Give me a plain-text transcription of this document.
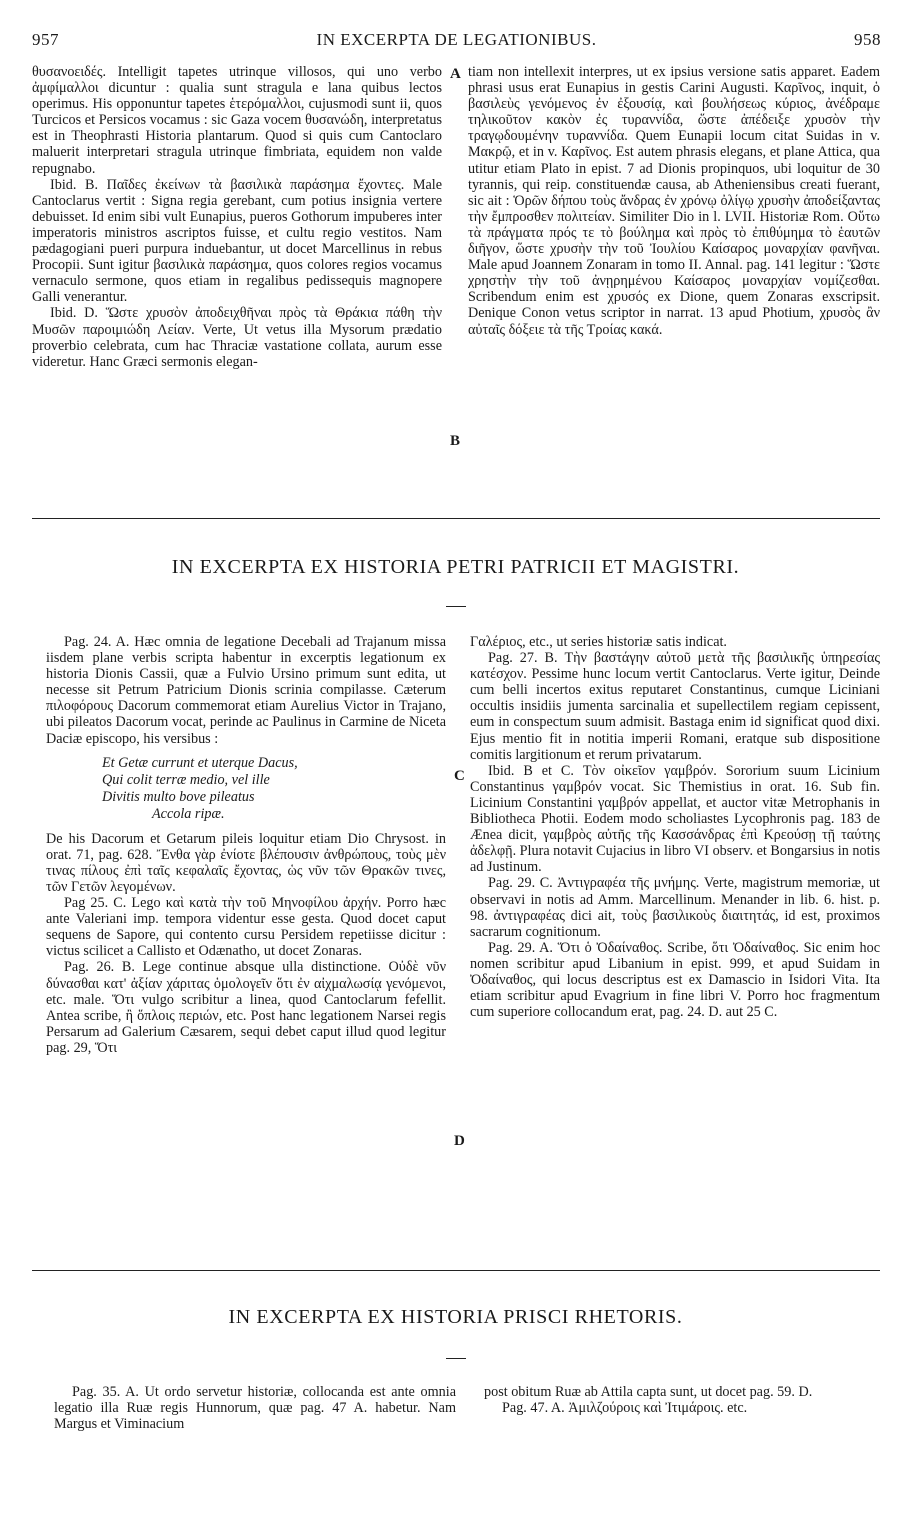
957	IN EXCERPTA DE LEGATIONIBUS.	958

θυσανοειδές. Intelligit tapetes utrinque villosos, qui uno verbo ἀμφίμαλλοι dicuntur : qualia sunt stragula e lana quibus lectos operimus. His opponuntur tapetes ἑτερόμαλλοι, cujusmodi sunt ii, quos Turcicos et Persicos vocamus : sic Gaza vocem θυσανώδη, interpretatus est in Theophrasti Historia plantarum. Quod si quis cum Cantoclaro maluerit interpretari stragula utrinque fimbriata, equidem non valde repugnabo.

Ibid. B. Παῖδες ἐκείνων τὰ βασιλικὰ παράσημα ἔχοντες. Male Cantoclarus vertit : Signa regia gerebant, cum potius insignia vertere debuisset. Id enim sibi vult Eunapius, pueros Gothorum impuberes inter imperatoris ministros ascriptos fuisse, et cultu regio vestitos. Nam pædagogiani pueri purpura induebantur, ut docet Marcellinus in rebus Procopii. Sunt igitur βασιλικὰ παράσημα, quos colores regios vocamus vernaculo sermone, quos etiam in regalibus pedissequis magnopere Galli venerantur.

Ibid. D. Ὥστε χρυσὸν ἀποδειχθῆναι πρὸς τὰ Θράκια πάθη τὴν Μυσῶν παροιμιώδη Λείαν. Verte, Ut vetus illa Mysorum prædatio proverbio celebrata, cum hac Thraciæ vastatione collata, aurum esse videretur. Hanc Græci sermonis elegan-

A
B

tiam non intellexit interpres, ut ex ipsius versione satis apparet. Eadem phrasi usus erat Eunapius in gestis Carini Augusti. Καρῖνος, inquit, ὁ βασιλεὺς γενόμενος ἐν ἐξουσίᾳ, καὶ βουλήσεως κύριος, ἀνέδραμε τηλικοῦτον κακὸν ἐς τυραννίδα, ὥστε ἀπέδειξε χρυσὸν τὴν τραγῳδουμένην τυραννίδα. Quem Eunapii locum citat Suidas in v. Μακρῷ, et in v. Καρῖνος. Est autem phrasis elegans, et plane Attica, qua utitur etiam Plato in epist. 7 ad Dionis propinquos, ubi loquitur de 30 tyrannis, qui reip. constituendæ causa, ab Atheniensibus creati fuerant, sic ait : Ὁρῶν δήπου τοὺς ἄνδρας ἐν χρόνῳ ὀλίγῳ χρυσὴν ἀποδείξαντας τὴν ἔμπροσθεν πολιτείαν. Similiter Dio in l. LVII. Historiæ Rom. Οὕτω τὰ πράγματα πρός τε τὸ βούλημα καὶ πρὸς τὸ ἐπιθύμημα τὸ ἑαυτῶν διῆγον, ὥστε χρυσὴν τὴν τοῦ Ἰουλίου Καίσαρος μοναρχίαν φανῆναι. Male apud Joannem Zonaram in tomo II. Annal. pag. 141 legitur : Ὥστε χρηστὴν τὴν τοῦ ἀνῃρημένου Καίσαρος μοναρχίαν νομίζεσθαι. Scribendum enim est χρυσός ex Dione, quem Zonaras exscripsit. Denique Conon vetus scriptor in narrat. 13 apud Photium, χρυσὸς ἂν αὐταῖς δόξειε τὰ τῆς Τροίας κακά.

IN EXCERPTA EX HISTORIA PETRI PATRICII ET MAGISTRI.

Pag. 24. A. Hæc omnia de legatione Decebali ad Trajanum missa iisdem plane verbis scripta habentur in excerptis legationum ex historia Dionis Cassii, quæ a Fulvio Ursino primum sunt edita, ut necesse sit Petrum Patricium Dionis scrinia compilasse. Cæterum πιλοφόρους Dacorum commemorat etiam Aurelius Victor in Trajano, ubi pileatos Dacorum vocat, perinde ac Paulinus in Carmine de Niceta Daciæ episcopo, his versibus :

Et Getæ currunt et uterque Dacus,
Qui colit terræ medio, vel ille
Divitis multo bove pileatus
Accola ripæ.

De his Dacorum et Getarum pileis loquitur etiam Dio Chrysost. in orat. 71, pag. 628. Ἔνθα γὰρ ἐνίοτε βλέπουσιν ἀνθρώπους, τοὺς μὲν τινας πίλους ἐπὶ ταῖς κεφαλαῖς ἔχοντας, ὡς νῦν τῶν Θρακῶν τινες, τῶν Γετῶν λεγομένων.

Pag 25. C. Lego καὶ κατὰ τὴν τοῦ Μηνοφίλου ἀρχήν. Porro hæc ante Valeriani imp. tempora videntur esse gesta. Quod docet caput sequens de Sapore, qui contento cursu Persidem repetiisse dicitur : victus scilicet a Callisto et Odænatho, ut docet Zonaras.

Pag. 26. B. Lege continue absque ulla distinctione. Οὐδὲ νῦν δύνασθαι κατ' ἀξίαν χάριτας ὁμολογεῖν ὅτι ἐν αἰχμαλωσίᾳ γενόμενοι, etc. male. Ὅτι vulgo scribitur a linea, quod Cantoclarum fefellit. Antea scribe, ἢ ὅπλοις περιών, etc. Post hanc legationem Narsei regis Persarum ad Galerium Cæsarem, sequi debet caput illud quod legitur pag. 29, Ὅτι

C
D

Γαλέριος, etc., ut series historiæ satis indicat.

Pag. 27. B. Τὴν βαστάγην αὐτοῦ μετὰ τῆς βασιλικῆς ὑπηρεσίας κατέσχον. Pessime hunc locum vertit Cantoclarus. Verte igitur, Deinde cum belli incertos exitus reputaret Constantinus, cumque Liciniani occultis insidiis jumenta sarcinalia et supellectilem regiam cepissent, eum in conspectum suum admisit. Bastaga enim id significat quod dixi. Ejus mentio fit in notitia imperii Romani, eratque sub dispositione comitis largitionum et rerum privatarum.

Ibid. B et C. Τὸν οἰκεῖον γαμβρόν. Sororium suum Licinium Constantinus γαμβρόν vocat. Sic Themistius in orat. 16. Sub fin. Licinium Constantini γαμβρόν appellat, et auctor vitæ Metrophanis in Bibliotheca Photii. Eodem modo scholiastes Lycophronis pag. 183 de Ænea dicit, γαμβρὸς αὐτῆς τῆς Κασσάνδρας ἐπὶ Κρεούσῃ τῇ ταύτης ἀδελφῇ. Plura notavit Cujacius in libro VI observ. et Bongarsius in notis ad Justinum.

Pag. 29. C. Ἀντιγραφέα τῆς μνήμης. Verte, magistrum memoriæ, ut observavi in notis ad Amm. Marcellinum. Menander in lib. 6. hist. p. 98. ἀντιγραφέας dici ait, τοὺς βασιλικοὺς διαιτητάς, id est, proximos sacrarum cognitionum.

Pag. 29. A. Ὅτι ὁ Ὀδαίναθος. Scribe, ὅτι Ὀδαίναθος. Sic enim hoc nomen scribitur apud Libanium in epist. 999, et apud Suidam in Ὀδαίναθος, qui locus descriptus est ex Damascio in Isidori Vita. Ita etiam scribitur apud Evagrium in fine libri V. Porro hoc fragmentum cum superiore collocandum erat, pag. 24. D. aut 25 C.

IN EXCERPTA EX HISTORIA PRISCI RHETORIS.

Pag. 35. A. Ut ordo servetur historiæ, collocanda est ante omnia legatio illa Ruæ regis Hunnorum, quæ pag. 47 A. habetur. Nam Margus et Viminacium

post obitum Ruæ ab Attila capta sunt, ut docet pag. 59. D.

Pag. 47. A. Ἀμιλζούροις καὶ Ἰτιμάροις. etc.
